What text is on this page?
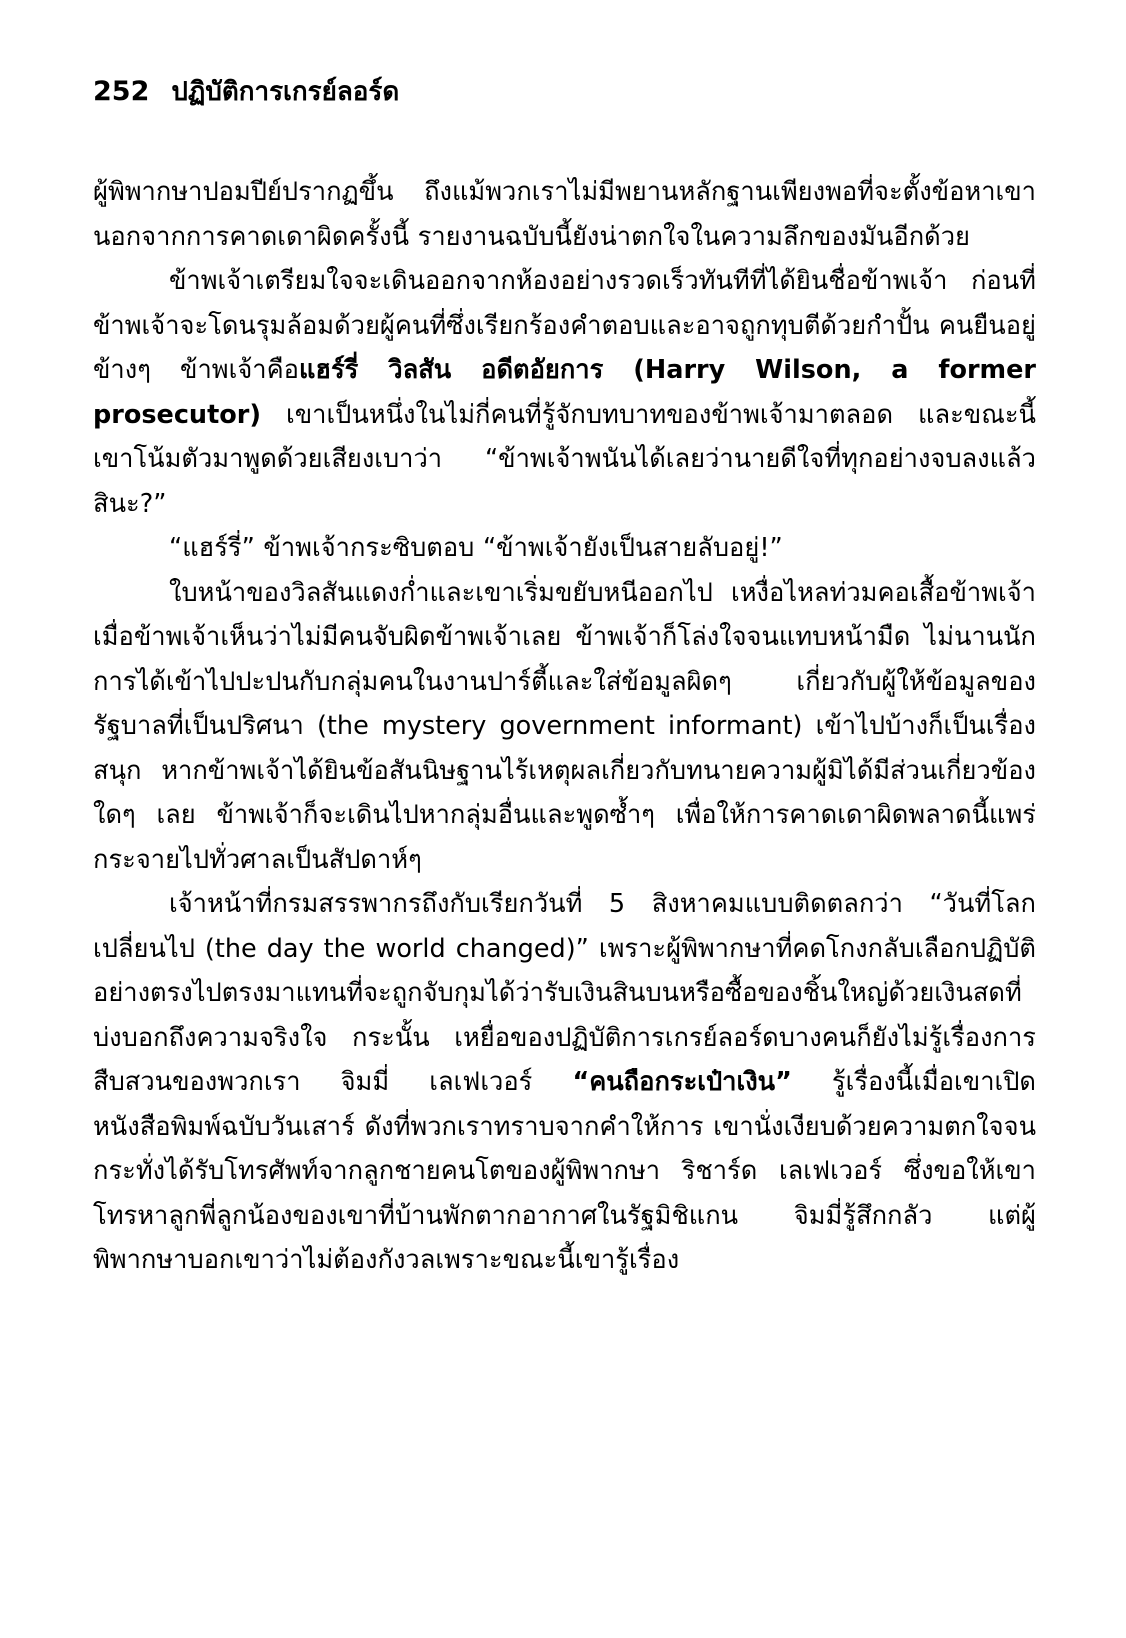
252 ปฏิบัติการเกรย์ลอร์ด

ผู้พิพากษาปอมปีย์ปรากฏขึ้น ถึงแม้พวกเราไม่มีพยานหลักฐานเพียงพอที่จะตั้งข้อหาเขา นอกจากการคาดเดาผิดครั้งนี้ รายงานฉบับนี้ยังน่าตกใจในความลึกของมันอีกด้วย

ข้าพเจ้าเตรียมใจจะเดินออกจากห้องอย่างรวดเร็วทันทีที่ได้ยินชื่อข้าพเจ้า ก่อนที่ข้าพเจ้าจะโดนรุมล้อมด้วยผู้คนที่ซึ่งเรียกร้องคำตอบและอาจถูกทุบตีด้วยกำปั้น คนยืนอยู่ข้างๆ ข้าพเจ้าคือแฮร์รี่ วิลสัน อดีตอัยการ (Harry Wilson, a former prosecutor) เขาเป็นหนึ่งในไม่กี่คนที่รู้จักบทบาทของข้าพเจ้ามาตลอด และขณะนี้เขาโน้มตัวมาพูดด้วยเสียงเบาว่า “ข้าพเจ้าพนันได้เลยว่านายดีใจที่ทุกอย่างจบลงแล้วสินะ?”

“แฮร์รี่” ข้าพเจ้ากระซิบตอบ “ข้าพเจ้ายังเป็นสายลับอยู่!”

ใบหน้าของวิลสันแดงก่ำและเขาเริ่มขยับหนีออกไป เหงื่อไหลท่วมคอเสื้อข้าพเจ้า เมื่อข้าพเจ้าเห็นว่าไม่มีคนจับผิดข้าพเจ้าเลย ข้าพเจ้าก็โล่งใจจนแทบหน้ามืด ไม่นานนัก การได้เข้าไปปะปนกับกลุ่มคนในงานปาร์ตี้และใส่ข้อมูลผิดๆ เกี่ยวกับผู้ให้ข้อมูลของรัฐบาลที่เป็นปริศนา (the mystery government informant) เข้าไปบ้างก็เป็นเรื่องสนุก หากข้าพเจ้าได้ยินข้อสันนิษฐานไร้เหตุผลเกี่ยวกับทนายความผู้มิได้มีส่วนเกี่ยวข้องใดๆ เลย ข้าพเจ้าก็จะเดินไปหากลุ่มอื่นและพูดซ้ำๆ เพื่อให้การคาดเดาผิดพลาดนี้แพร่กระจายไปทั่วศาลเป็นสัปดาห์ๆ

เจ้าหน้าที่กรมสรรพากรถึงกับเรียกวันที่ 5 สิงหาคมแบบติดตลกว่า “วันที่โลกเปลี่ยนไป (the day the world changed)” เพราะผู้พิพากษาที่คดโกงกลับเลือกปฏิบัติอย่างตรงไปตรงมาแทนที่จะถูกจับกุมได้ว่ารับเงินสินบนหรือซื้อของชิ้นใหญ่ด้วยเงินสดที่บ่งบอกถึงความจริงใจ กระนั้น เหยื่อของปฏิบัติการเกรย์ลอร์ดบางคนก็ยังไม่รู้เรื่องการสืบสวนของพวกเรา จิมมี่ เลเฟเวอร์ “คนถือกระเป๋าเงิน” รู้เรื่องนี้เมื่อเขาเปิดหนังสือพิมพ์ฉบับวันเสาร์ ดังที่พวกเราทราบจากคำให้การ เขานั่งเงียบด้วยความตกใจจนกระทั่งได้รับโทรศัพท์จากลูกชายคนโตของผู้พิพากษา ริชาร์ด เลเฟเวอร์ ซึ่งขอให้เขาโทรหาลูกพี่ลูกน้องของเขาที่บ้านพักตากอากาศในรัฐมิชิแกน จิมมี่รู้สึกกลัว แต่ผู้พิพากษาบอกเขาว่าไม่ต้องกังวลเพราะขณะนี้เขารู้เรื่อง
